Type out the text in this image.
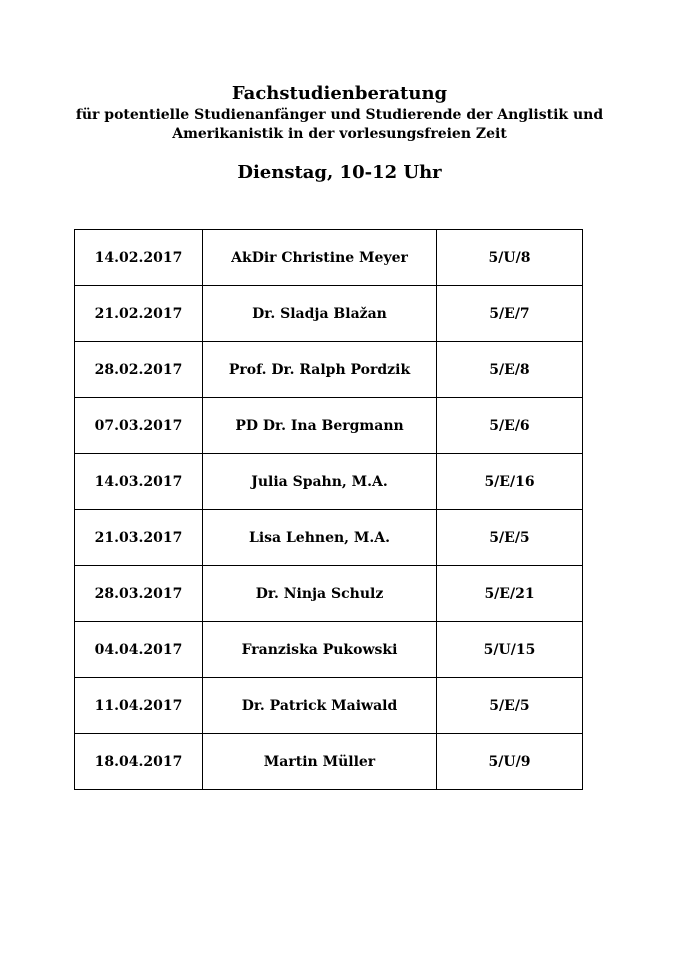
Fachstudienberatung

für potentielle Studienanfänger und Studierende der Anglistik und

Amerikanistik in der vorlesungsfreien Zeit

Dienstag, 10-12 Uhr

14.02.2017	AkDir Christine Meyer	5/U/8
21.02.2017	Dr. Sladja Blažan	5/E/7
28.02.2017	Prof. Dr. Ralph Pordzik	5/E/8
07.03.2017	PD Dr. Ina Bergmann	5/E/6
14.03.2017	Julia Spahn, M.A.	5/E/16
21.03.2017	Lisa Lehnen, M.A.	5/E/5
28.03.2017	Dr. Ninja Schulz	5/E/21
04.04.2017	Franziska Pukowski	5/U/15
11.04.2017	Dr. Patrick Maiwald	5/E/5
18.04.2017	Martin Müller	5/U/9
